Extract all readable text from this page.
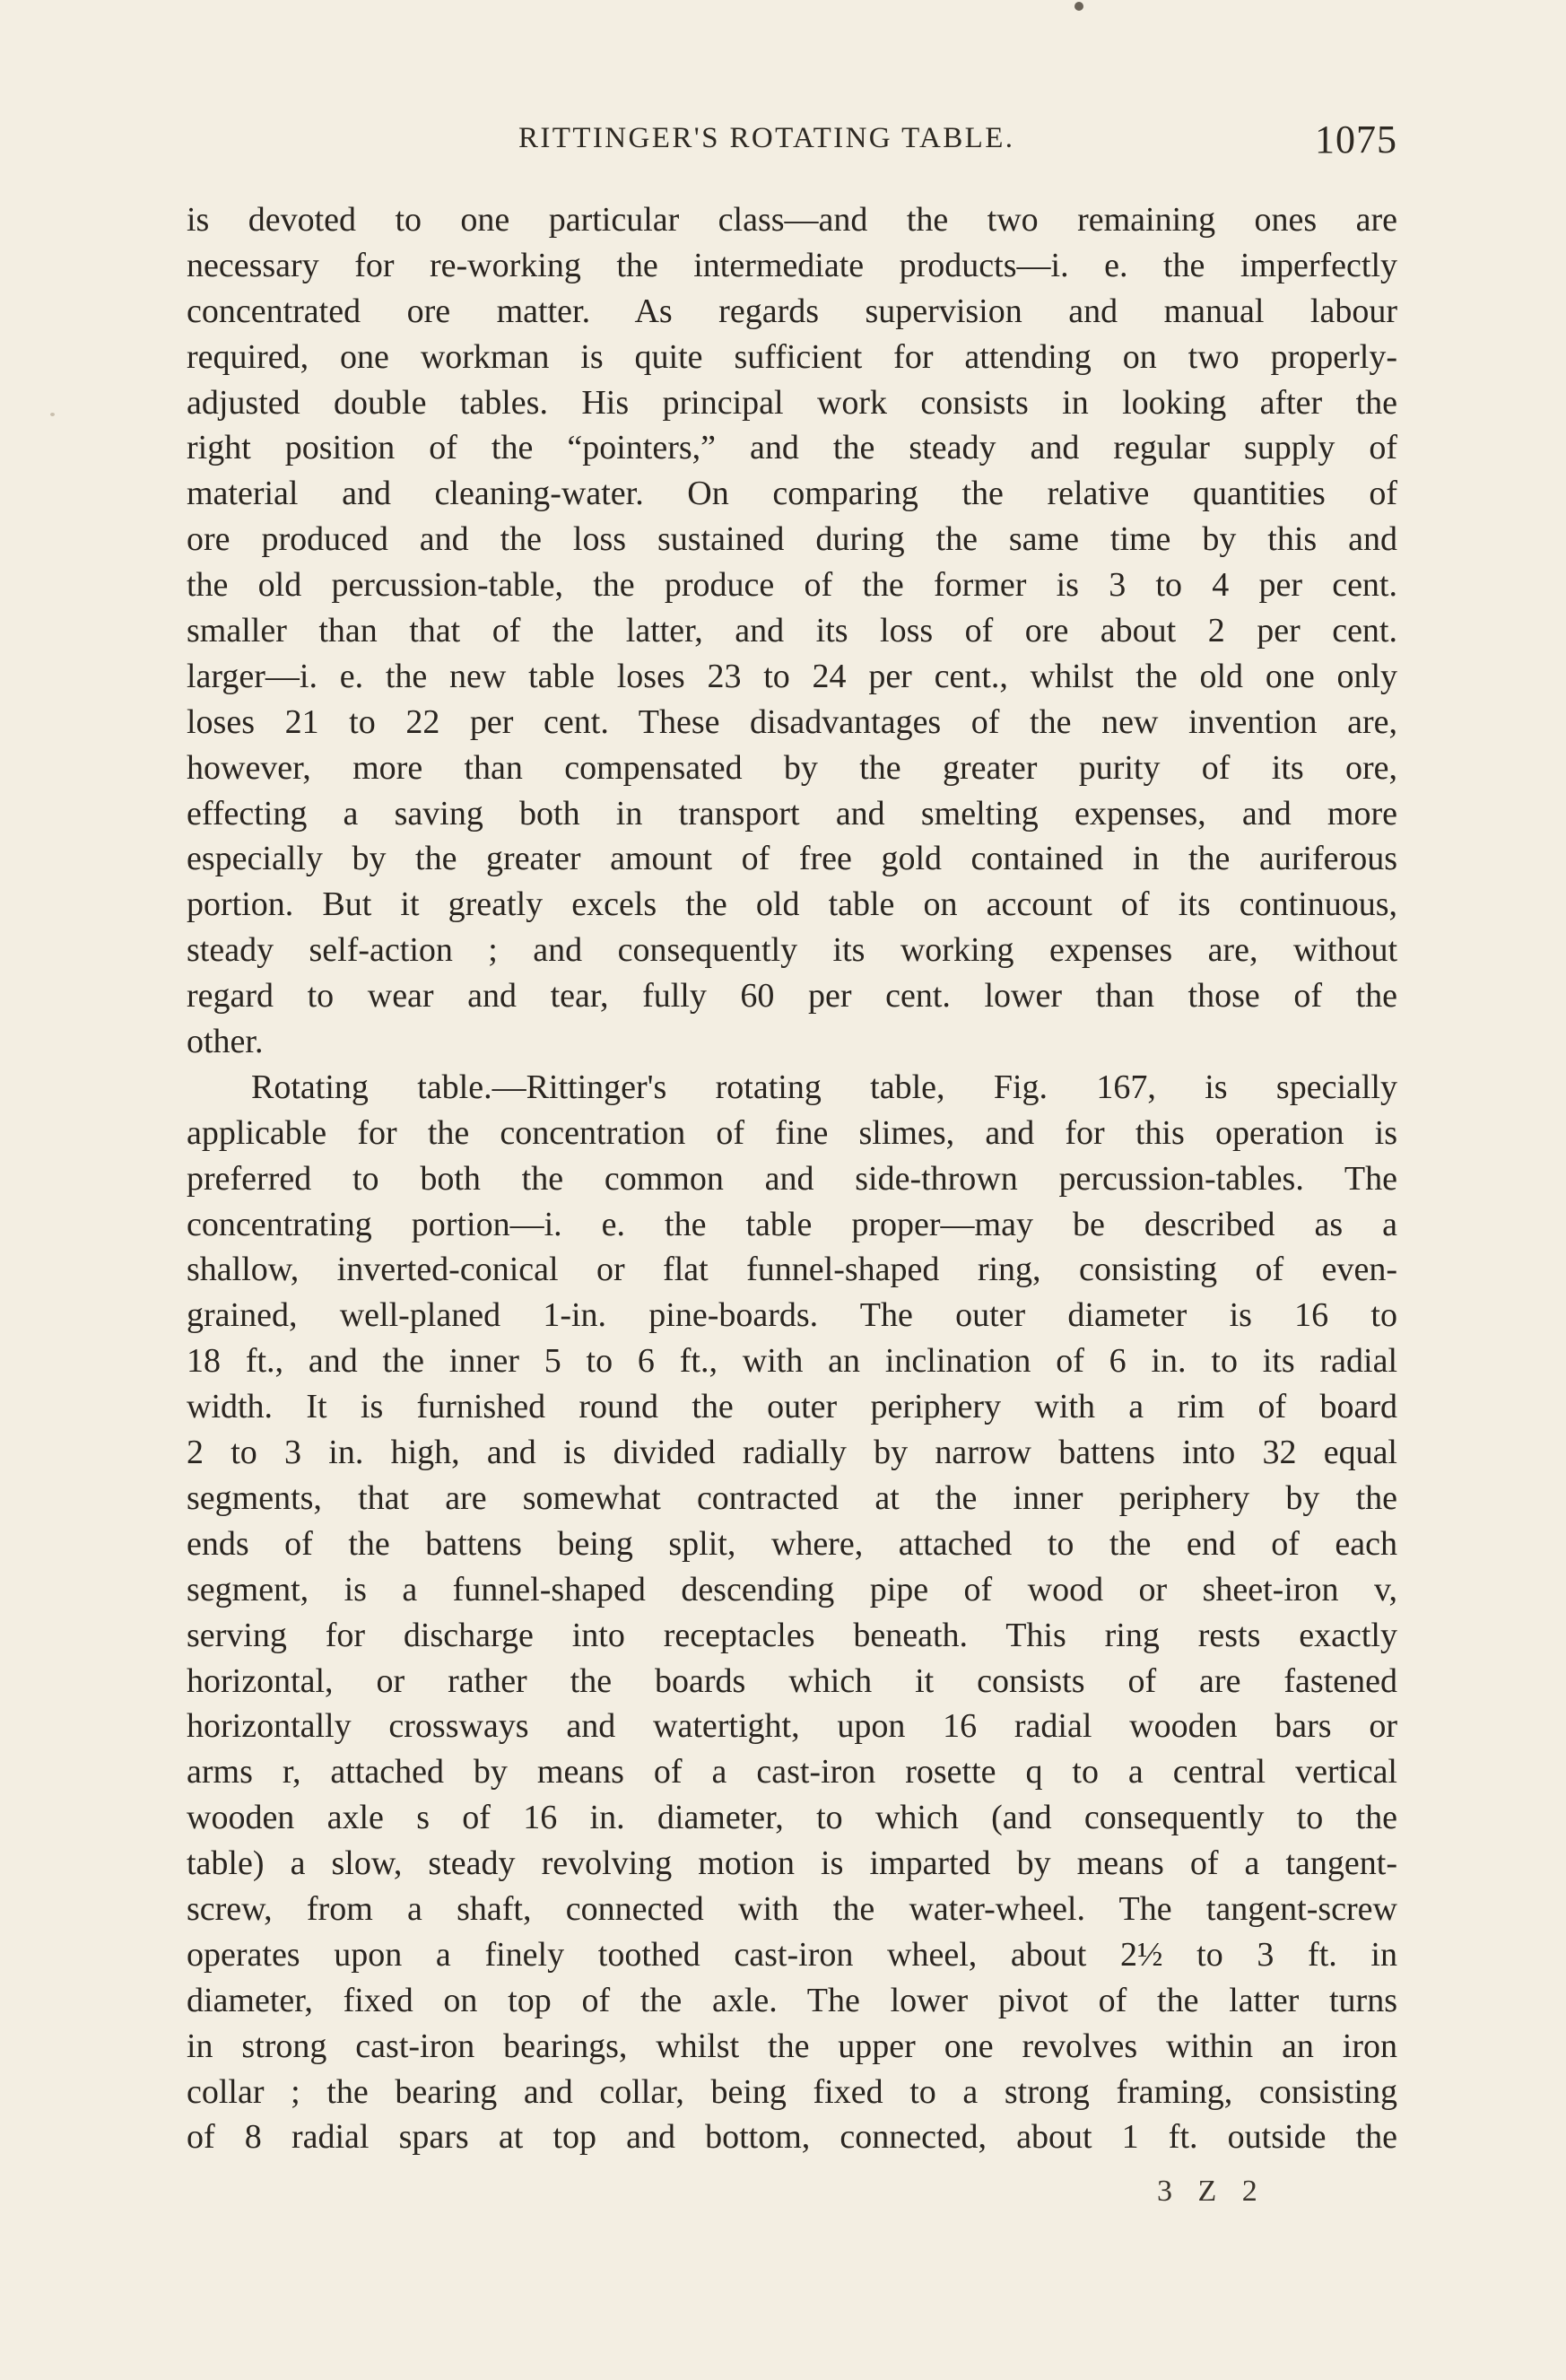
RITTINGER'S ROTATING TABLE.	1075
is devoted to one particular class—and the two remaining ones are
necessary for re-working the intermediate products—i. e. the imperfectly
concentrated ore matter. As regards supervision and manual labour
required, one workman is quite sufficient for attending on two properly-
adjusted double tables. His principal work consists in looking after the
right position of the “pointers,” and the steady and regular supply of
material and cleaning-water. On comparing the relative quantities of
ore produced and the loss sustained during the same time by this and
the old percussion-table, the produce of the former is 3 to 4 per cent.
smaller than that of the latter, and its loss of ore about 2 per cent.
larger—i. e. the new table loses 23 to 24 per cent., whilst the old one only
loses 21 to 22 per cent. These disadvantages of the new invention are,
however, more than compensated by the greater purity of its ore,
effecting a saving both in transport and smelting expenses, and more
especially by the greater amount of free gold contained in the auriferous
portion. But it greatly excels the old table on account of its continuous,
steady self-action ; and consequently its working expenses are, without
regard to wear and tear, fully 60 per cent. lower than those of the
other.
Rotating table.—Rittinger's rotating table, Fig. 167, is specially
applicable for the concentration of fine slimes, and for this operation is
preferred to both the common and side-thrown percussion-tables. The
concentrating portion—i. e. the table proper—may be described as a
shallow, inverted-conical or flat funnel-shaped ring, consisting of even-
grained, well-planed 1-in. pine-boards. The outer diameter is 16 to
18 ft., and the inner 5 to 6 ft., with an inclination of 6 in. to its radial
width. It is furnished round the outer periphery with a rim of board
2 to 3 in. high, and is divided radially by narrow battens into 32 equal
segments, that are somewhat contracted at the inner periphery by the
ends of the battens being split, where, attached to the end of each
segment, is a funnel-shaped descending pipe of wood or sheet-iron v,
serving for discharge into receptacles beneath. This ring rests exactly
horizontal, or rather the boards which it consists of are fastened
horizontally crossways and watertight, upon 16 radial wooden bars or
arms r, attached by means of a cast-iron rosette q to a central vertical
wooden axle s of 16 in. diameter, to which (and consequently to the
table) a slow, steady revolving motion is imparted by means of a tangent-
screw, from a shaft, connected with the water-wheel. The tangent-screw
operates upon a finely toothed cast-iron wheel, about 2½ to 3 ft. in
diameter, fixed on top of the axle. The lower pivot of the latter turns
in strong cast-iron bearings, whilst the upper one revolves within an iron
collar ; the bearing and collar, being fixed to a strong framing, consisting
of 8 radial spars at top and bottom, connected, about 1 ft. outside the
3 Z 2
